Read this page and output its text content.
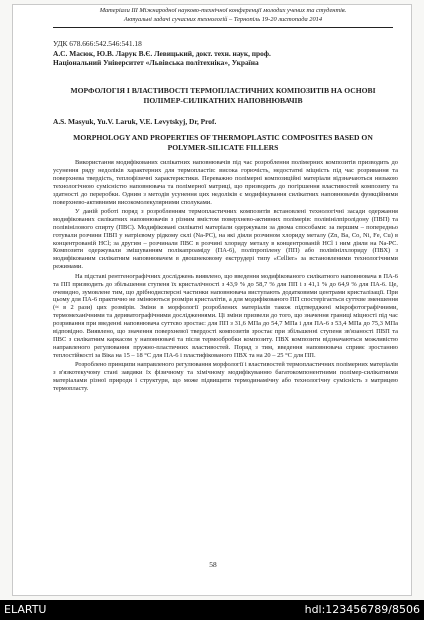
Матеріали ІІІ Міжнародної науково-технічної конференції молодих учених та студентів.
Актуальні задачі сучасних технологій – Тернопіль 19-20 листопада 2014
УДК 678.666:542.546:541.18
А.С. Масюк, Ю.В. Ларук В.Є. Левицький, докт. техн. наук, проф.
Національний Університет «Львівська політехніка», Україна
МОРФОЛОГІЯ І ВЛАСТИВОСТІ ТЕРМОПЛАСТИЧНИХ КОМПОЗИТІВ НА ОСНОВІ ПОЛІМЕР-СИЛІКАТНИХ НАПОВНЮВАЧІВ
A.S. Masyuk, Yu.V. Laruk, V.E. Levytskyj, Dr, Prof.
MORPHOLOGY AND PROPERTIES OF THERMOPLASTIC COMPOSITES BASED ON POLYMER-SILICATE FILLERS

Використання модифікованих силікатних наповнювачів під час розроблення полімерних композитів призводить до усунення ряду недоліків характерних для термопластів: висока горючість, недостатні міцність під час розривання та поверхнева твердість, теплофізичні характеристики. Переважно полімерні композиційні матеріали відзначаються низькою технологічною сумісністю наповнювача та полімерної матриці, що призводить до погіршення властивостей композиту та здатності до переробки. Одним з методів усунення цих недоліків є модифікування силікатних наповнювачів функційними поверхнево-активними високомолекулярними сполуками.

У даній роботі поряд з розробленням термопластичних композитів встановлені технологічні засади одержання модифікованих силікатних наповнювачів з різним вмістом поверхнево-активних полімерів: полівінілпіролідону (ПВП) та полівінілового спирту (ПВС). Модифіковані силікатні матеріали одержували за двома способами: за першим – попередньо готували розчини ПВП у натрієвому рідкому склі (Na-PC), на які діяли розчином хлориду металу (Zn, Ba, Co, Ni, Fe, Cu) в концентрованій HCl; за другим – розчинали ПВС в розчині хлориду металу в концентрованій HCl і ним діяли на Na-PC. Композити одержували змішуванням полікапроаміду (ПА-6), поліпропілену (ПП) або полівінілхлориду (ПВХ) з модифікованим силікатним наповнювачем в двошнековому екструдері типу «Cellier» за встановленими технологічними режимами.

На підставі рентгенографічних досліджень виявлено, що введення модифікованого силікатного наповнювача в ПА-6 та ПП призводить до збільшення ступеня їх кристалічності з 43,9 % до 58,7 % для ПП і з 41,1 % до 64,9 % для ПА-6. Це, очевидно, зумовлене тим, що дрібнодисперсні частинки наповнювача виступають додатковими центрами кристалізації. При цьому для ПА-6 практично не змінюються розміри кристалітів, а для модифікованого ПП спостерігається суттєве зменшення (≈ в 2 рази) цих розмірів. Зміни в морфології розроблених матеріалів також підтверджені мікрофотографічними, термомеханічними та дериватографічними дослідженнями. Ці зміни призвели до того, що значення границі міцності під час розривання при введенні наповнювача суттєво зростає: для ПП з 31,6 МПа до 54,7 МПа і для ПА-6 з 53,4 МПа до 75,3 МПа відповідно. Виявлено, що значення поверхневої твердості композитів зростає при збільшенні ступеня зв'язаності ПВП та ПВС з силікатним каркасом у наповнювачі та після термообробки композиту. ПВХ композити відзначаються можливістю направленого регулювання пружно-пластичних властивостей. Поряд з тим, введення наповнювача сприяє зростанню теплостійкості за Віка на 15 – 18 °С для ПА-6 і пластифікованого ПВХ та на 20 – 25 °С для ПП.

Розроблено принципи направленого регулювання морфології і властивостей термопластичних полімерних матеріалів з в'язкотекучому стані завдяки їх фізичному та хімічному модифікуванню багатокомпонентними полімер-силікатними матеріалами різної природи і структури, що може підвищити термодинамічну або технологічну сумісність з матрицею термопласту.

58
ELARTU	hdl:123456789/8506
